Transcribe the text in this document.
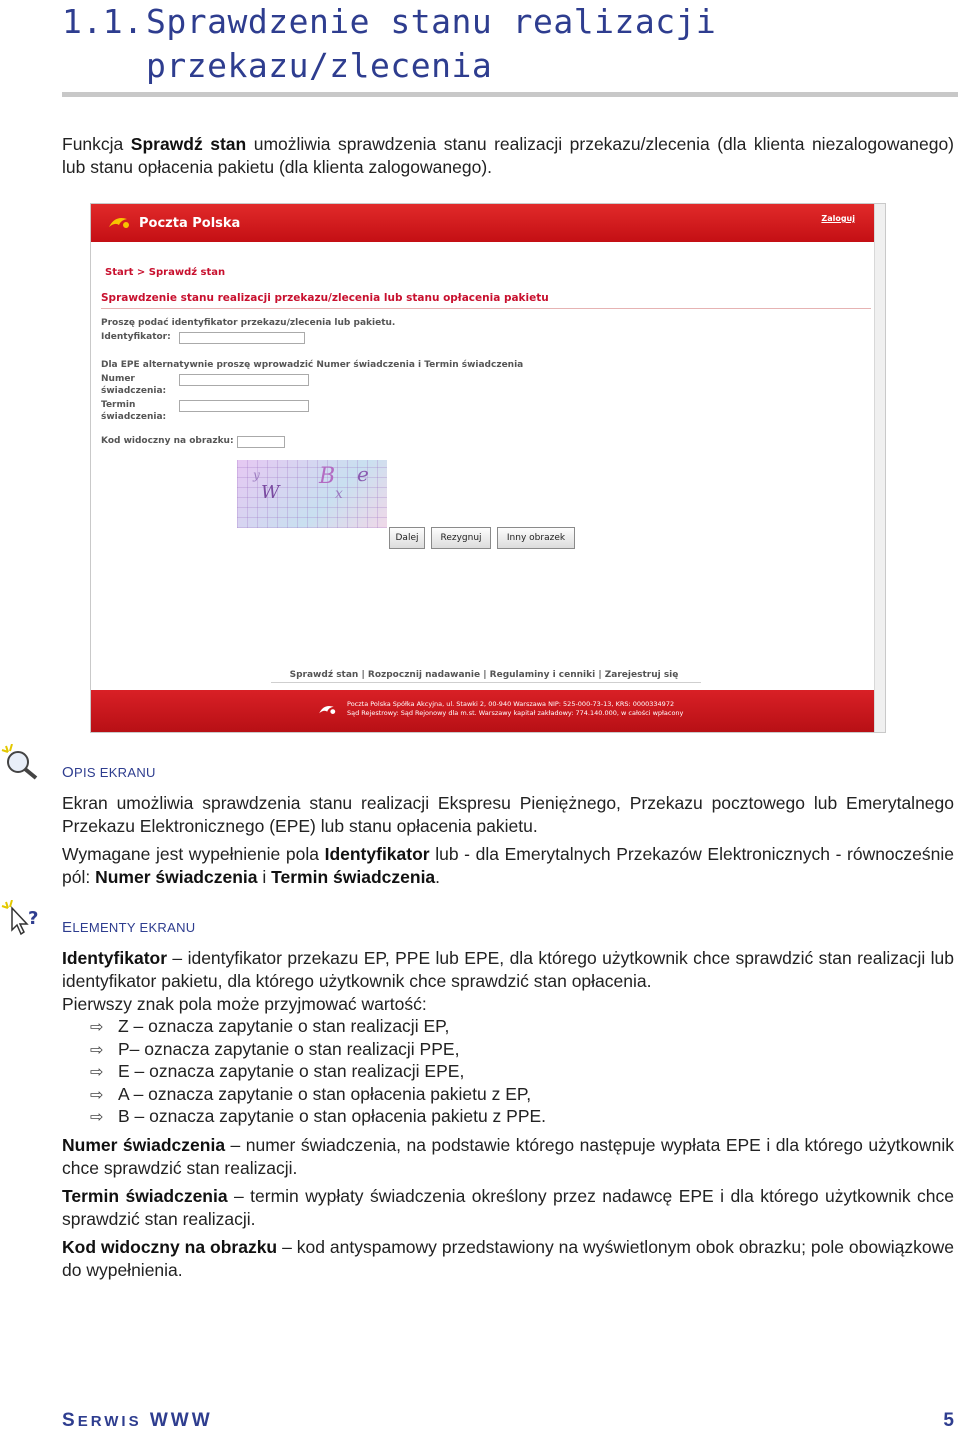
1.1.Sprawdzenie stanu realizacji
przekazu/zlecenia
Funkcja Sprawdź stan umożliwia sprawdzenia stanu realizacji przekazu/zlecenia (dla klienta niezalogowanego) lub stanu opłacenia pakietu (dla klienta zalogowanego).
Poczta Polska	Zaloguj
Start > Sprawdź stan
Sprawdzenie stanu realizacji przekazu/zlecenia lub stanu opłacenia pakietu
Proszę podać identyfikator przekazu/zlecenia lub pakietu.
Identyfikator:
Dla EPE alternatywnie proszę wprowadzić Numer świadczenia i Termin świadczenia
Numer
świadczenia:
Termin
świadczenia:
Kod widoczny na obrazku:
W
B e
y
x
Dalej	Rezygnuj	Inny obrazek
Sprawdź stan | Rozpocznij nadawanie | Regulaminy i cenniki | Zarejestruj się
Poczta Polska Spółka Akcyjna, ul. Stawki 2, 00-940 Warszawa NIP: 525-000-73-13, KRS: 0000334972
Sąd Rejestrowy: Sąd Rejonowy dla m.st. Warszawy kapitał zakładowy: 774.140.000, w całości wpłacony
OPIS EKRANU
Ekran umożliwia sprawdzenia stanu realizacji Ekspresu Pieniężnego, Przekazu pocztowego lub Emerytalnego Przekazu Elektronicznego (EPE) lub stanu opłacenia pakietu.
Wymagane jest wypełnienie pola Identyfikator lub - dla Emerytalnych Przekazów Elektronicznych - równocześnie pól: Numer świadczenia i Termin świadczenia.
? ELEMENTY EKRANU
Identyfikator – identyfikator przekazu EP, PPE lub EPE, dla którego użytkownik chce sprawdzić stan realizacji lub identyfikator pakietu, dla którego użytkownik chce sprawdzić stan opłacenia.
Pierwszy znak pola może przyjmować wartość:
⇨ Z – oznacza zapytanie o stan realizacji EP,
⇨ P– oznacza zapytanie o stan realizacji PPE,
⇨ E – oznacza zapytanie o stan realizacji EPE,
⇨ A – oznacza zapytanie o stan opłacenia pakietu z EP,
⇨ B – oznacza zapytanie o stan opłacenia pakietu z PPE.
Numer świadczenia – numer świadczenia, na podstawie którego następuje wypłata EPE i dla którego użytkownik chce sprawdzić stan realizacji.
Termin świadczenia – termin wypłaty świadczenia określony przez nadawcę EPE i dla którego użytkownik chce sprawdzić stan realizacji.
Kod widoczny na obrazku – kod antyspamowy przedstawiony na wyświetlonym obok obrazku; pole obowiązkowe do wypełnienia.
SERWIS WWW	5
